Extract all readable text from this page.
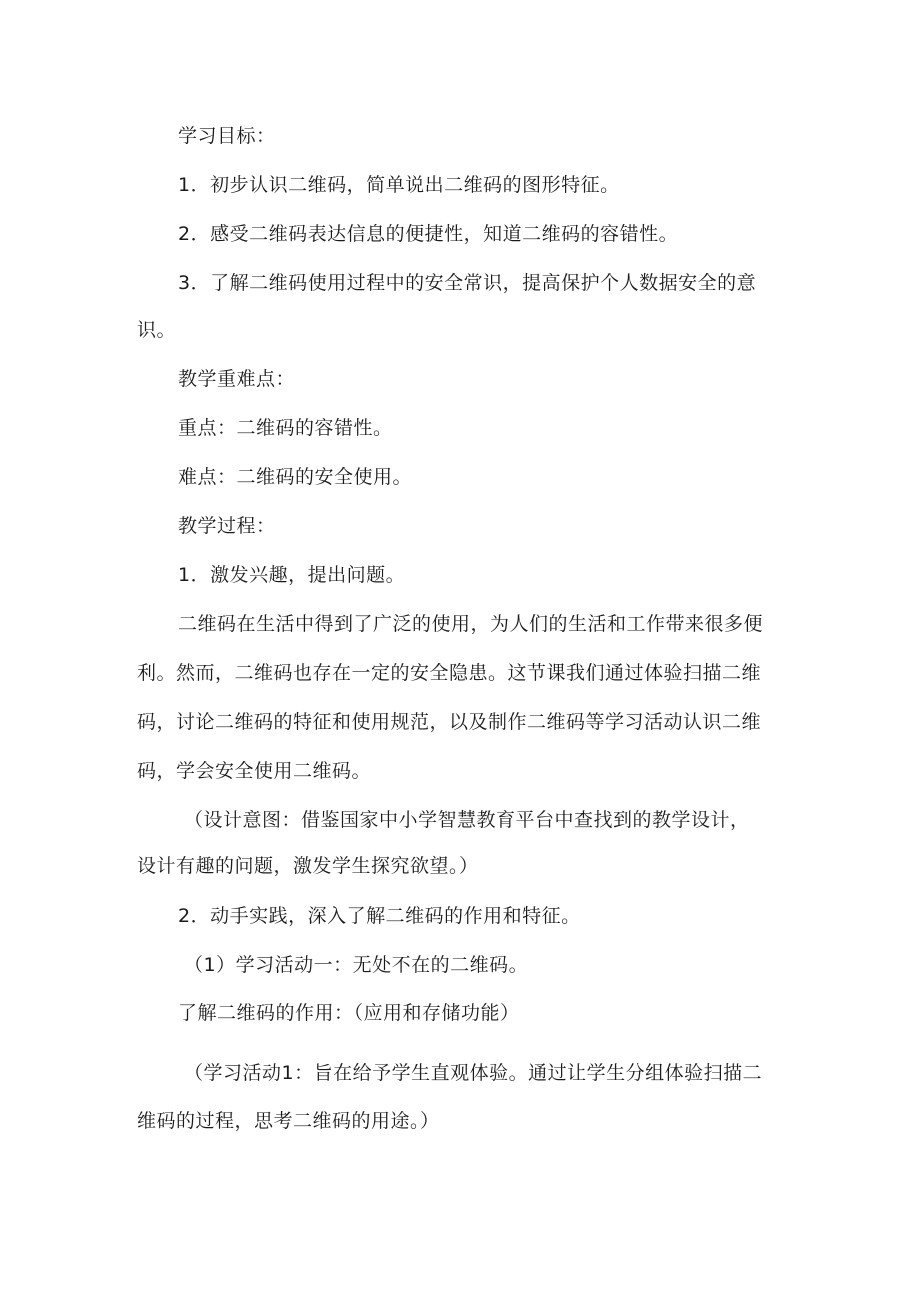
学习目标：

1．初步认识二维码，简单说出二维码的图形特征。

2．感受二维码表达信息的便捷性，知道二维码的容错性。

3．了解二维码使用过程中的安全常识，提高保护个人数据安全的意

识。

教学重难点：

重点：二维码的容错性。

难点：二维码的安全使用。

教学过程：

1．激发兴趣，提出问题。

二维码在生活中得到了广泛的使用，为人们的生活和工作带来很多便

利。然而，二维码也存在一定的安全隐患。这节课我们通过体验扫描二维

码，讨论二维码的特征和使用规范，以及制作二维码等学习活动认识二维

码，学会安全使用二维码。

（设计意图：借鉴国家中小学智慧教育平台中查找到的教学设计，

设计有趣的问题，激发学生探究欲望。）

2．动手实践，深入了解二维码的作用和特征。

（1）学习活动一：无处不在的二维码。

了解二维码的作用：（应用和存储功能）

（学习活动1：旨在给予学生直观体验。通过让学生分组体验扫描二

维码的过程，思考二维码的用途。）
